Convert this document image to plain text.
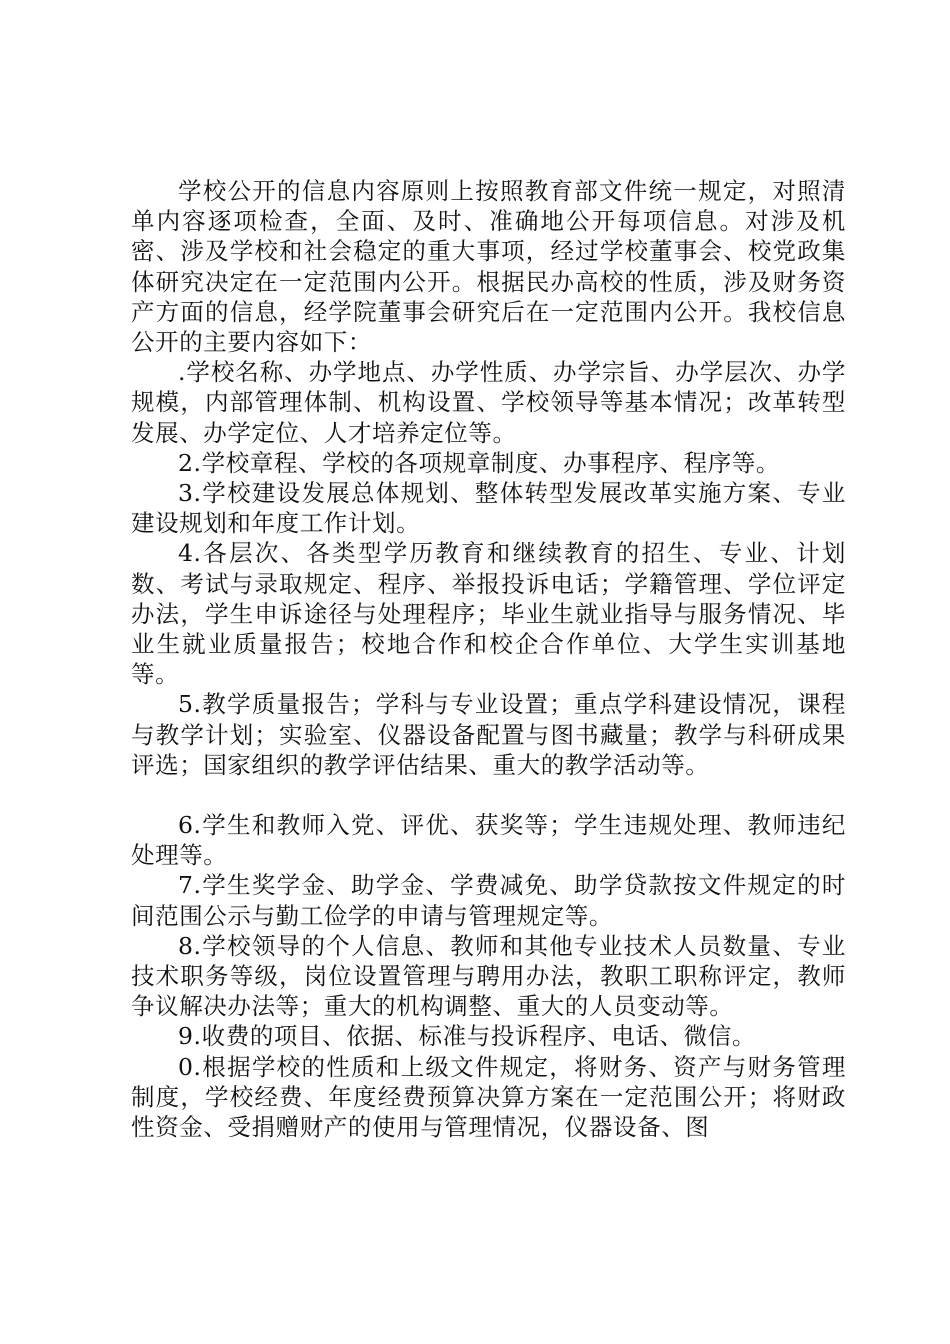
学校公开的信息内容原则上按照教育部文件统一规定，对照清单内容逐项检查，全面、及时、准确地公开每项信息。对涉及机密、涉及学校和社会稳定的重大事项，经过学校董事会、校党政集体研究决定在一定范围内公开。根据民办高校的性质，涉及财务资产方面的信息，经学院董事会研究后在一定范围内公开。我校信息公开的主要内容如下：

.学校名称、办学地点、办学性质、办学宗旨、办学层次、办学规模，内部管理体制、机构设置、学校领导等基本情况；改革转型发展、办学定位、人才培养定位等。

2.学校章程、学校的各项规章制度、办事程序、程序等。

3.学校建设发展总体规划、整体转型发展改革实施方案、专业建设规划和年度工作计划。

4.各层次、各类型学历教育和继续教育的招生、专业、计划数、考试与录取规定、程序、举报投诉电话；学籍管理、学位评定办法，学生申诉途径与处理程序；毕业生就业指导与服务情况、毕业生就业质量报告；校地合作和校企合作单位、大学生实训基地等。

5.教学质量报告；学科与专业设置；重点学科建设情况，课程与教学计划；实验室、仪器设备配置与图书藏量；教学与科研成果评选；国家组织的教学评估结果、重大的教学活动等。

6.学生和教师入党、评优、获奖等；学生违规处理、教师违纪处理等。

7.学生奖学金、助学金、学费减免、助学贷款按文件规定的时间范围公示与勤工俭学的申请与管理规定等。

8.学校领导的个人信息、教师和其他专业技术人员数量、专业技术职务等级，岗位设置管理与聘用办法，教职工职称评定，教师争议解决办法等；重大的机构调整、重大的人员变动等。

9.收费的项目、依据、标准与投诉程序、电话、微信。

0.根据学校的性质和上级文件规定，将财务、资产与财务管理制度，学校经费、年度经费预算决算方案在一定范围公开；将财政性资金、受捐赠财产的使用与管理情况，仪器设备、图
